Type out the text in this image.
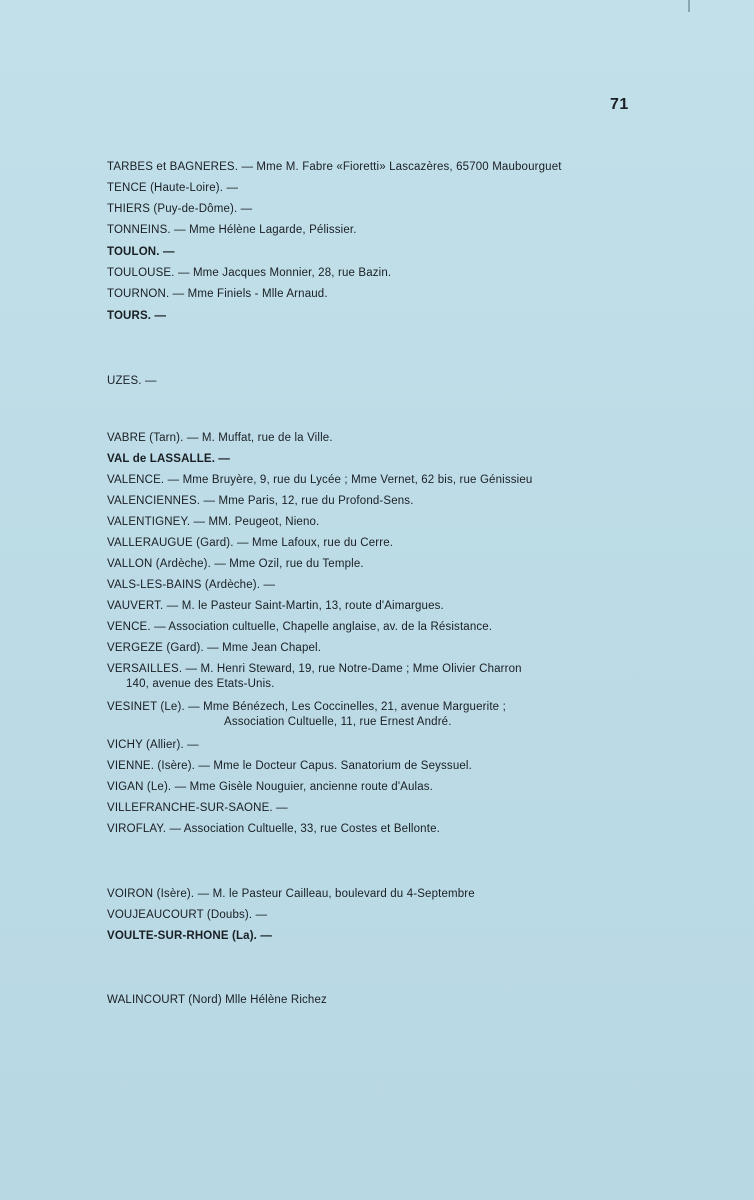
71
TARBES et BAGNERES. — Mme M. Fabre «Fioretti» Lascazères, 65700 Maubourguet
TENCE (Haute-Loire). —
THIERS (Puy-de-Dôme). —
TONNEINS. — Mme Hélène Lagarde, Pélissier.
TOULON. —
TOULOUSE. — Mme Jacques Monnier, 28, rue Bazin.
TOURNON. — Mme Finiels - Mlle Arnaud.
TOURS. —
UZES. —
VABRE (Tarn). — M. Muffat, rue de la Ville.
VAL de LASSALLE. —
VALENCE. — Mme Bruyère, 9, rue du Lycée ; Mme Vernet, 62 bis, rue Génissieu
VALENCIENNES. — Mme Paris, 12, rue du Profond-Sens.
VALENTIGNEY. — MM. Peugeot, Nieno.
VALLERAUGUE (Gard). — Mme Lafoux, rue du Cerre.
VALLON (Ardèche). — Mme Ozil, rue du Temple.
VALS-LES-BAINS (Ardèche). —
VAUVERT. — M. le Pasteur Saint-Martin, 13, route d'Aimargues.
VENCE. — Association cultuelle, Chapelle anglaise, av. de la Résistance.
VERGEZE (Gard). — Mme Jean Chapel.
VERSAILLES. — M. Henri Steward, 19, rue Notre-Dame ; Mme Olivier Charron
140, avenue des Etats-Unis.
VESINET (Le). — Mme Bénézech, Les Coccinelles, 21, avenue Marguerite ;
Association Cultuelle, 11, rue Ernest André.
VICHY (Allier). —
VIENNE. (Isère). — Mme le Docteur Capus. Sanatorium de Seyssuel.
VIGAN (Le). — Mme Gisèle Nouguier, ancienne route d'Aulas.
VILLEFRANCHE-SUR-SAONE. —
VIROFLAY. — Association Cultuelle, 33, rue Costes et Bellonte.
VOIRON (Isère). — M. le Pasteur Cailleau, boulevard du 4-Septembre
VOUJEAUCOURT (Doubs). —
VOULTE-SUR-RHONE (La). —
WALINCOURT (Nord) Mlle Hélène Richez
